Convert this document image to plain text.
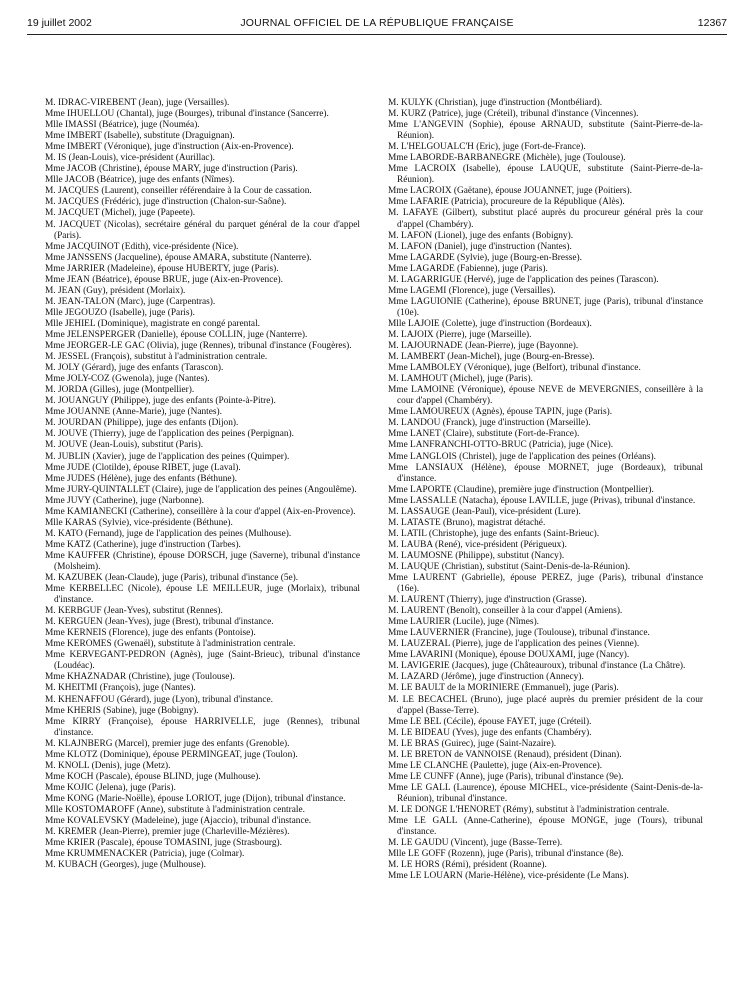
19 juillet 2002	JOURNAL OFFICIEL DE LA RÉPUBLIQUE FRANÇAISE	12367
M. IDRAC-VIREBENT (Jean), juge (Versailles).
Mme IHUELLOU (Chantal), juge (Bourges), tribunal d'instance (Sancerre).
Mlle IMASSI (Béatrice), juge (Nouméa).
Mme IMBERT (Isabelle), substitute (Draguignan).
Mme IMBERT (Véronique), juge d'instruction (Aix-en-Provence).
M. IS (Jean-Louis), vice-président (Aurillac).
Mme JACOB (Christine), épouse MARY, juge d'instruction (Paris).
Mlle JACOB (Béatrice), juge des enfants (Nîmes).
M. JACQUES (Laurent), conseiller référendaire à la Cour de cassation.
M. JACQUES (Frédéric), juge d'instruction (Chalon-sur-Saône).
M. JACQUET (Michel), juge (Papeete).
M. JACQUET (Nicolas), secrétaire général du parquet général de la cour d'appel (Paris).
Mme JACQUINOT (Edith), vice-présidente (Nice).
Mme JANSSENS (Jacqueline), épouse AMARA, substitute (Nanterre).
Mme JARRIER (Madeleine), épouse HUBERTY, juge (Paris).
Mme JEAN (Béatrice), épouse BRUE, juge (Aix-en-Provence).
M. JEAN (Guy), président (Morlaix).
M. JEAN-TALON (Marc), juge (Carpentras).
Mlle JEGOUZO (Isabelle), juge (Paris).
Mlle JEHIEL (Dominique), magistrate en congé parental.
Mme JELENSPERGER (Danielle), épouse COLLIN, juge (Nanterre).
Mme JEORGER-LE GAC (Olivia), juge (Rennes), tribunal d'instance (Fougères).
M. JESSEL (François), substitut à l'administration centrale.
M. JOLY (Gérard), juge des enfants (Tarascon).
Mme JOLY-COZ (Gwenola), juge (Nantes).
M. JORDA (Gilles), juge (Montpellier).
M. JOUANGUY (Philippe), juge des enfants (Pointe-à-Pitre).
Mme JOUANNE (Anne-Marie), juge (Nantes).
M. JOURDAN (Philippe), juge des enfants (Dijon).
M. JOUVE (Thierry), juge de l'application des peines (Perpignan).
M. JOUVE (Jean-Louis), substitut (Paris).
M. JUBLIN (Xavier), juge de l'application des peines (Quimper).
Mme JUDE (Clotilde), épouse RIBET, juge (Laval).
Mme JUDES (Hélène), juge des enfants (Béthune).
Mme JURY-QUINTALLET (Claire), juge de l'application des peines (Angoulême).
Mme JUVY (Catherine), juge (Narbonne).
Mme KAMIANECKI (Catherine), conseillère à la cour d'appel (Aix-en-Provence).
Mlle KARAS (Sylvie), vice-présidente (Béthune).
M. KATO (Fernand), juge de l'application des peines (Mulhouse).
Mme KATZ (Catherine), juge d'instruction (Tarbes).
Mme KAUFFER (Christine), épouse DORSCH, juge (Saverne), tribunal d'instance (Molsheim).
M. KAZUBEK (Jean-Claude), juge (Paris), tribunal d'instance (5e).
Mme KERBELLEC (Nicole), épouse LE MEILLEUR, juge (Morlaix), tribunal d'instance.
M. KERBGUF (Jean-Yves), substitut (Rennes).
M. KERGUEN (Jean-Yves), juge (Brest), tribunal d'instance.
Mme KERNEIS (Florence), juge des enfants (Pontoise).
Mme KEROMES (Gwenaël), substitute à l'administration centrale.
Mme KERVEGANT-PEDRON (Agnès), juge (Saint-Brieuc), tribunal d'instance (Loudéac).
Mme KHAZNADAR (Christine), juge (Toulouse).
M. KHEITMI (François), juge (Nantes).
M. KHENAFFOU (Gérard), juge (Lyon), tribunal d'instance.
Mme KHERIS (Sabine), juge (Bobigny).
Mme KIRRY (Françoise), épouse HARRIVELLE, juge (Rennes), tribunal d'instance.
M. KLAJNBERG (Marcel), premier juge des enfants (Grenoble).
Mme KLOTZ (Dominique), épouse PERMINGEAT, juge (Toulon).
M. KNOLL (Denis), juge (Metz).
Mme KOCH (Pascale), épouse BLIND, juge (Mulhouse).
Mme KOJIC (Jelena), juge (Paris).
Mme KONG (Marie-Noëlle), épouse LORIOT, juge (Dijon), tribunal d'instance.
Mlle KOSTOMAROFF (Anne), substitute à l'administration centrale.
Mme KOVALEVSKY (Madeleine), juge (Ajaccio), tribunal d'instance.
M. KREMER (Jean-Pierre), premier juge (Charleville-Mézières).
Mme KRIER (Pascale), épouse TOMASINI, juge (Strasbourg).
Mme KRUMMENACKER (Patricia), juge (Colmar).
M. KUBACH (Georges), juge (Mulhouse).
M. KULYK (Christian), juge d'instruction (Montbéliard).
M. KURZ (Patrice), juge (Créteil), tribunal d'instance (Vincennes).
Mme L'ANGEVIN (Sophie), épouse ARNAUD, substitute (Saint-Pierre-de-la-Réunion).
M. L'HELGOUALC'H (Eric), juge (Fort-de-France).
Mme LABORDE-BARBANEGRE (Michèle), juge (Toulouse).
Mme LACROIX (Isabelle), épouse LAUQUE, substitute (Saint-Pierre-de-la-Réunion).
Mme LACROIX (Gaëtane), épouse JOUANNET, juge (Poitiers).
Mme LAFARIE (Patricia), procureure de la République (Alès).
M. LAFAYE (Gilbert), substitut placé auprès du procureur général près la cour d'appel (Chambéry).
M. LAFON (Lionel), juge des enfants (Bobigny).
M. LAFON (Daniel), juge d'instruction (Nantes).
Mme LAGARDE (Sylvie), juge (Bourg-en-Bresse).
Mme LAGARDE (Fabienne), juge (Paris).
M. LAGARRIGUE (Hervé), juge de l'application des peines (Tarascon).
Mme LAGEMI (Florence), juge (Versailles).
Mme LAGUIONIE (Catherine), épouse BRUNET, juge (Paris), tribunal d'instance (10e).
Mlle LAJOIE (Colette), juge d'instruction (Bordeaux).
M. LAJOIX (Pierre), juge (Marseille).
M. LAJOURNADE (Jean-Pierre), juge (Bayonne).
M. LAMBERT (Jean-Michel), juge (Bourg-en-Bresse).
Mme LAMBOLEY (Véronique), juge (Belfort), tribunal d'instance.
M. LAMHOUT (Michel), juge (Paris).
Mme LAMOINE (Véronique), épouse NEVE de MEVERGNIES, conseillère à la cour d'appel (Chambéry).
Mme LAMOUREUX (Agnès), épouse TAPIN, juge (Paris).
M. LANDOU (Franck), juge d'instruction (Marseille).
Mme LANET (Claire), substitute (Fort-de-France).
Mme LANFRANCHI-OTTO-BRUC (Patricia), juge (Nice).
Mme LANGLOIS (Christel), juge de l'application des peines (Orléans).
Mme LANSIAUX (Hélène), épouse MORNET, juge (Bordeaux), tribunal d'instance.
Mme LAPORTE (Claudine), première juge d'instruction (Montpellier).
Mme LASSALLE (Natacha), épouse LAVILLE, juge (Privas), tribunal d'instance.
M. LASSAUGE (Jean-Paul), vice-président (Lure).
M. LATASTE (Bruno), magistrat détaché.
M. LATIL (Christophe), juge des enfants (Saint-Brieuc).
M. LAUBA (René), vice-président (Périgueux).
M. LAUMOSNE (Philippe), substitut (Nancy).
M. LAUQUE (Christian), substitut (Saint-Denis-de-la-Réunion).
Mme LAURENT (Gabrielle), épouse PEREZ, juge (Paris), tribunal d'instance (16e).
M. LAURENT (Thierry), juge d'instruction (Grasse).
M. LAURENT (Benoît), conseiller à la cour d'appel (Amiens).
Mme LAURIER (Lucile), juge (Nîmes).
Mme LAUVERNIER (Francine), juge (Toulouse), tribunal d'instance.
M. LAUZERAL (Pierre), juge de l'application des peines (Vienne).
Mme LAVARINI (Monique), épouse DOUXAMI, juge (Nancy).
M. LAVIGERIE (Jacques), juge (Châteauroux), tribunal d'instance (La Châtre).
M. LAZARD (Jérôme), juge d'instruction (Annecy).
M. LE BAULT de la MORINIERE (Emmanuel), juge (Paris).
M. LE BECACHEL (Bruno), juge placé auprès du premier président de la cour d'appel (Basse-Terre).
Mme LE BEL (Cécile), épouse FAYET, juge (Créteil).
M. LE BIDEAU (Yves), juge des enfants (Chambéry).
M. LE BRAS (Guirec), juge (Saint-Nazaire).
M. LE BRETON de VANNOISE (Renaud), président (Dinan).
Mme LE CLANCHE (Paulette), juge (Aix-en-Provence).
Mme LE CUNFF (Anne), juge (Paris), tribunal d'instance (9e).
Mme LE GALL (Laurence), épouse MICHEL, vice-présidente (Saint-Denis-de-la-Réunion), tribunal d'instance.
M. LE DONGE L'HENORET (Rémy), substitut à l'administration centrale.
Mme LE GALL (Anne-Catherine), épouse MONGE, juge (Tours), tribunal d'instance.
M. LE GAUDU (Vincent), juge (Basse-Terre).
Mlle LE GOFF (Rozenn), juge (Paris), tribunal d'instance (8e).
M. LE HORS (Rémi), président (Roanne).
Mme LE LOUARN (Marie-Hélène), vice-présidente (Le Mans).
